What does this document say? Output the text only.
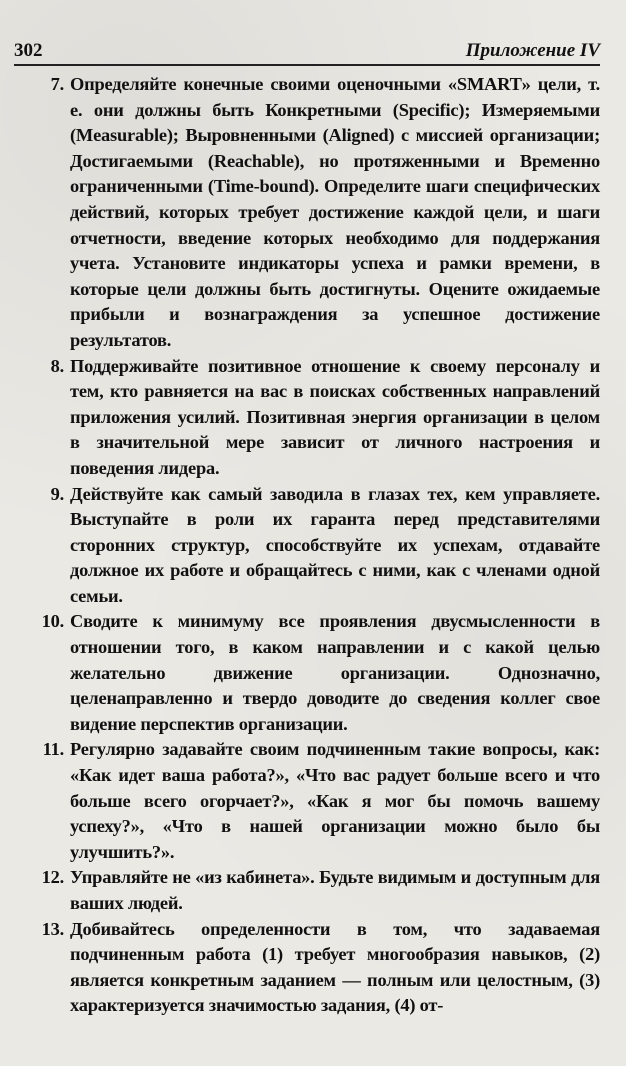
302	Приложение IV
7. Определяйте конечные своими оценочными «SMART» цели, т. е. они должны быть Конкретными (Specific); Измеряемыми (Measurable); Выровненными (Aligned) с миссией организации; Достигаемыми (Reachable), но протяженными и Временно ограниченными (Time-bound). Определите шаги специфических действий, которых требует достижение каждой цели, и шаги отчетности, введение которых необходимо для поддержания учета. Установите индикаторы успеха и рамки времени, в которые цели должны быть достигнуты. Оцените ожидаемые прибыли и вознаграждения за успешное достижение результатов.
8. Поддерживайте позитивное отношение к своему персоналу и тем, кто равняется на вас в поисках собственных направлений приложения усилий. Позитивная энергия организации в целом в значительной мере зависит от личного настроения и поведения лидера.
9. Действуйте как самый заводила в глазах тех, кем управляете. Выступайте в роли их гаранта перед представителями сторонних структур, способствуйте их успехам, отдавайте должное их работе и обращайтесь с ними, как с членами одной семьи.
10. Сводите к минимуму все проявления двусмысленности в отношении того, в каком направлении и с какой целью желательно движение организации. Однозначно, целенаправленно и твердо доводите до сведения коллег свое видение перспектив организации.
11. Регулярно задавайте своим подчиненным такие вопросы, как: «Как идет ваша работа?», «Что вас радует больше всего и что больше всего огорчает?», «Как я мог бы помочь вашему успеху?», «Что в нашей организации можно было бы улучшить?».
12. Управляйте не «из кабинета». Будьте видимым и доступным для ваших людей.
13. Добивайтесь определенности в том, что задаваемая подчиненным работа (1) требует многообразия навыков, (2) является конкретным заданием — полным или целостным, (3) характеризуется значимостью задания, (4) от-
